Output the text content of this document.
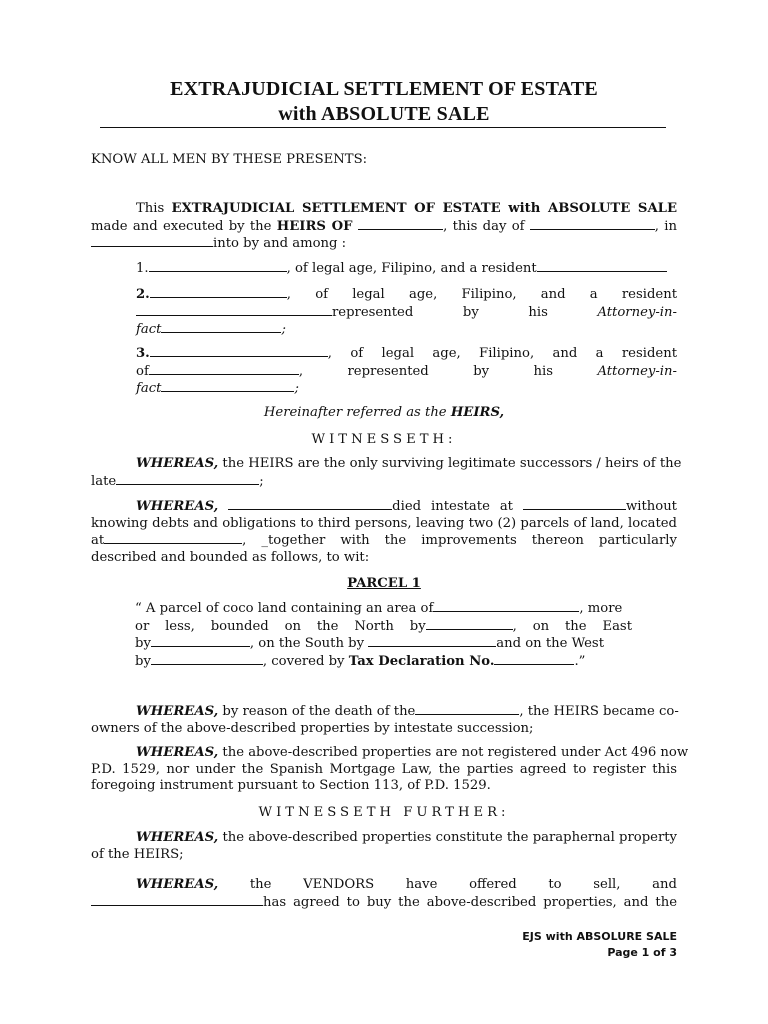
EXTRAJUDICIAL SETTLEMENT OF ESTATE
with ABSOLUTE SALE
KNOW ALL MEN BY THESE PRESENTS:
This EXTRAJUDICIAL SETTLEMENT OF ESTATE with ABSOLUTE SALE
made and executed by the HEIRS OF	, this day of	, in
into by and among :
1.	, of legal age, Filipino, and a resident
2.	, of legal age, Filipino, and a resident
represented	by	his	Attorney-in-
fact	;
3.	, of legal age, Filipino, and a resident
of	,	represented	by	his	Attorney-in-
fact	;
Hereinafter referred as the HEIRS,
WITNESSETH:
WHEREAS, the HEIRS are the only surviving legitimate successors / heirs of the
late	;
WHEREAS,	died intestate at	without
knowing debts and obligations to third persons, leaving two (2) parcels of land, located
at	, _together with the improvements thereon particularly
described and bounded as follows, to wit:
PARCEL 1
“ A parcel of coco land containing an area of	, more
or less, bounded on the North by	, on the East
by	, on the South by	and on the West
by	, covered by Tax Declaration No.	.”
WHEREAS, by reason of the death of the	, the HEIRS became co-
owners of the above-described properties by intestate succession;
WHEREAS, the above-described properties are not registered under Act 496 now
P.D. 1529, nor under the Spanish Mortgage Law, the parties agreed to register this
foregoing instrument pursuant to Section 113, of P.D. 1529.
WITNESSETH FURTHER:
WHEREAS, the above-described properties constitute the paraphernal property
of the HEIRS;
WHEREAS, the VENDORS have offered to sell, and
has agreed to buy the above-described properties, and the
EJS with ABSOLURE SALE
Page 1 of 3
